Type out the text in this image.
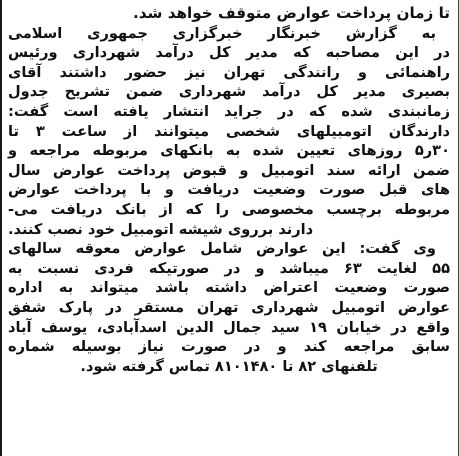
تا زمان پرداخت عوارض متوقف خواهد شد.
به گزارش خبرنگار خبرگزاری جمهوری اسلامی
در این مصاحبه که مدیر کل درآمد شهرداری ورئیس
راهنمائی و رانندگی تهران نیز حضور داشتند آقای
بصیری مدیر کل درآمد شهرداری ضمن تشریح جدول
زمانبندی شده که در جراید انتشار یافته است گفت:
دارندگان اتومبیلهای شخصی میتوانند از ساعت ۳ تا
۳۰ر۵ روزهای تعیین شده به بانکهای مربوطه مراجعه و
ضمن ارائه سند اتومبیل و قبوض پرداخت عوارض سال
های قبل صورت وضعیت دریافت و با پرداخت عوارض
مربوطه برچسب مخصوصی را که از بانک دریافت می-
دارند برروی شیشه اتومبیل خود نصب کنند.
وی گفت: این عوارض شامل عوارض معوقه سالهای
۵۵ لغایت ۶۳ میباشد و در صورتیکه فردی نسبت به
صورت وضعیت اعتراض داشته باشد میتواند به اداره
عوارض اتومبیل شهرداری تهران مستقر در پارک شفق
واقع در خیابان ۱۹ سید جمال الدین اسدآبادی، یوسف آباد
سابق مراجعه کند و در صورت نیاز بوسیله شماره
تلفنهای ۸۲ تا ۸۱۰۱۴۸۰ تماس گرفته شود.
